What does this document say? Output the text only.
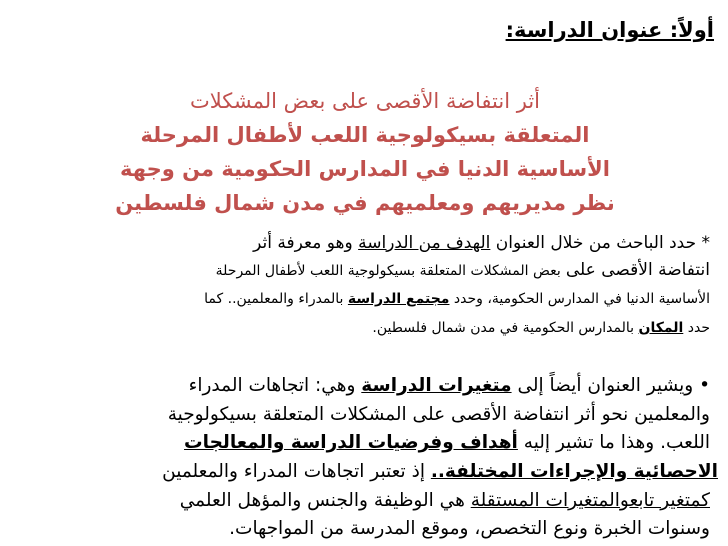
أولاً: عنوان الدراسة:
أثر انتفاضة الأقصى على بعض المشكلات
المتعلقة بسيكولوجية اللعب لأطفال المرحلة
الأساسية الدنيا في المدارس الحكومية من وجهة
نظر مديريهم ومعلميهم في مدن شمال فلسطين
* حدد الباحث من خلال العنوان الهدف من الدراسة وهو معرفة أثر
انتفاضة الأقصى على بعض المشكلات المتعلقة بسيكولوجية اللعب لأطفال المرحلة
الأساسية الدنيا في المدارس الحكومية، وحدد مجتمع الدراسة بالمدراء والمعلمين.. كما
حدد المكان بالمدارس الحكومية في مدن شمال فلسطين.
• ويشير العنوان أيضاً إلى متغيرات الدراسة وهي: اتجاهات المدراء
والمعلمين نحو أثر انتفاضة الأقصى على المشكلات المتعلقة بسيكولوجية
اللعب. وهذا ما تشير إليه أهداف وفرضيات الدراسة والمعالجات
الاحصائية والإجراءات المختلفة.. إذ تعتبر اتجاهات المدراء والمعلمين
كمتغير تابعوالمتغيرات المستقلة هي الوظيفة والجنس والمؤهل العلمي
وسنوات الخبرة ونوع التخصص، وموقع المدرسة من المواجهات.
